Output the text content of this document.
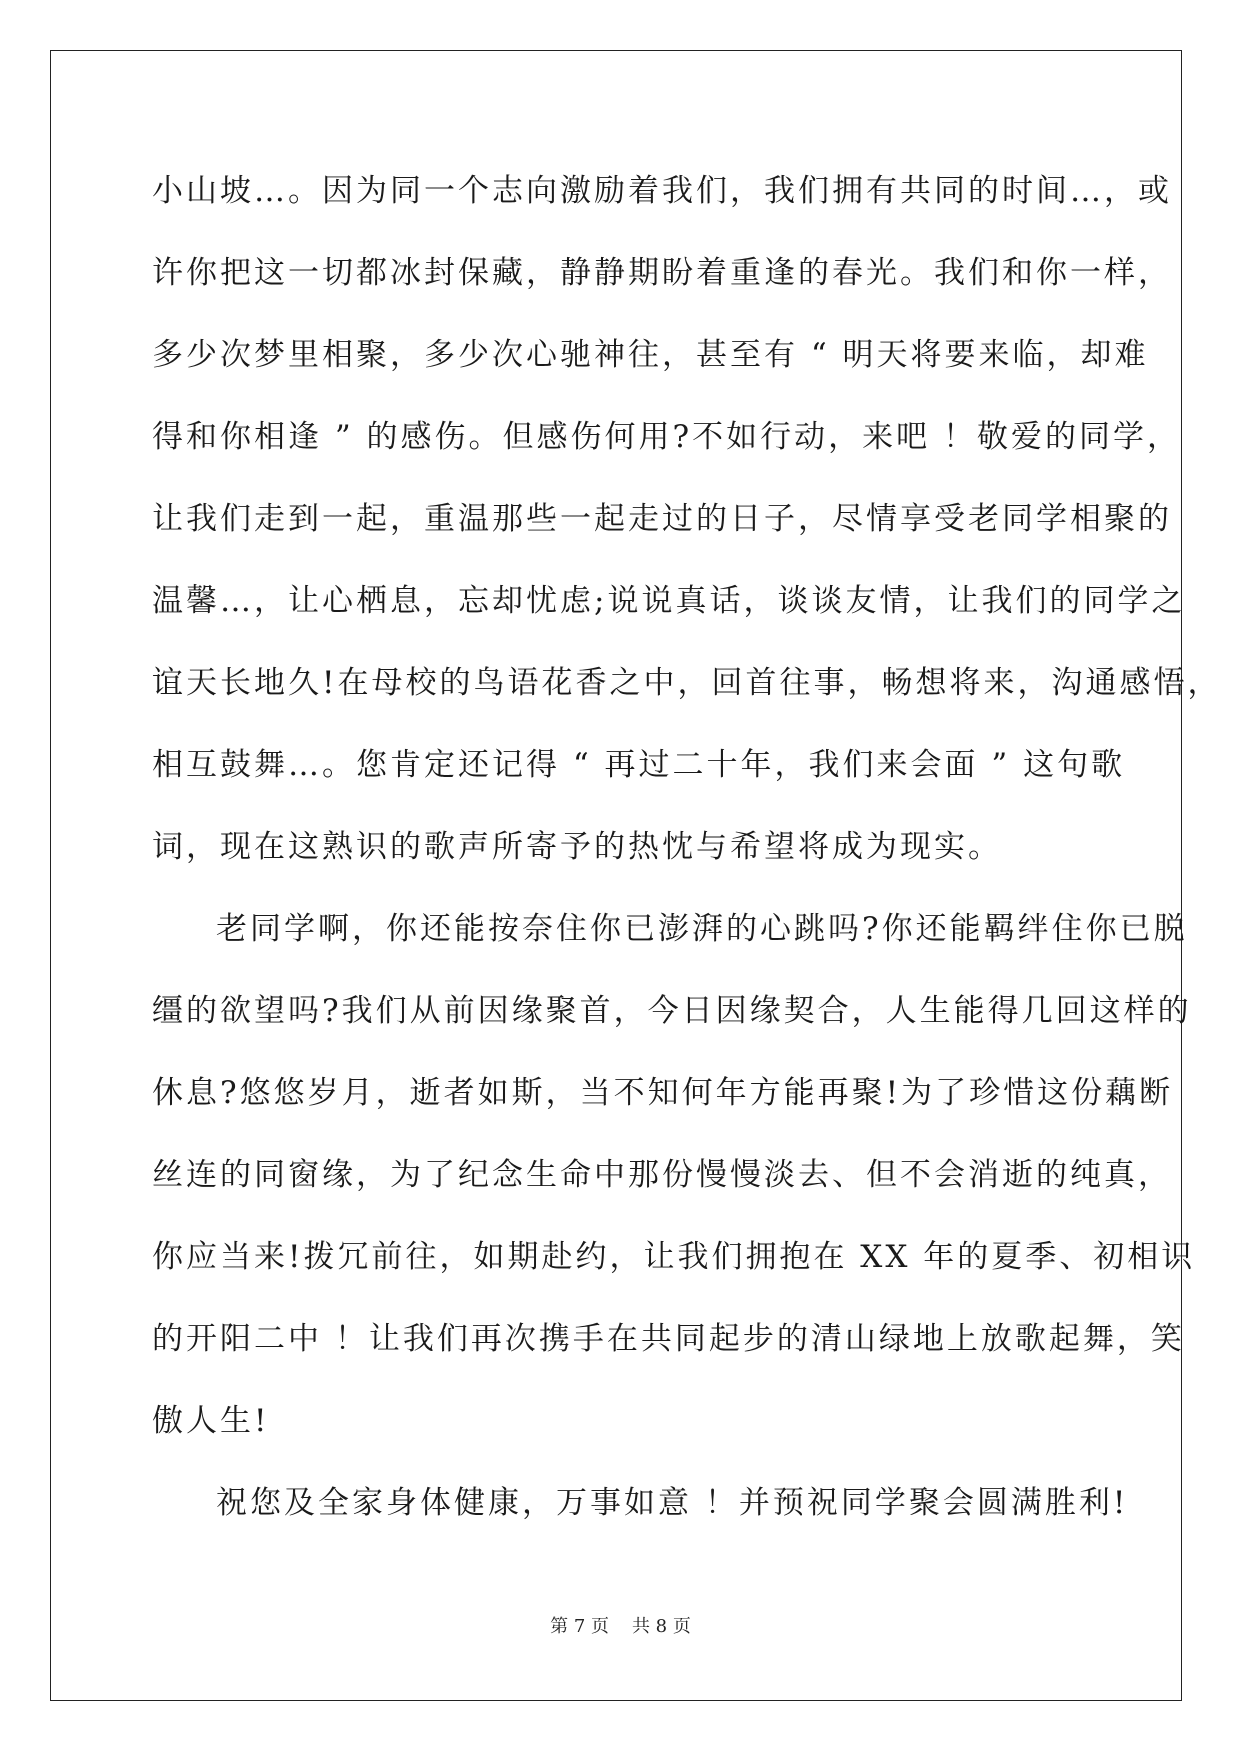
小山坡…。因为同一个志向激励着我们，我们拥有共同的时间…，或
许你把这一切都冰封保藏，静静期盼着重逢的春光。我们和你一样，
多少次梦里相聚，多少次心驰神往，甚至有 “ 明天将要来临，却难
得和你相逢 ” 的感伤。但感伤何用?不如行动，来吧 ！敬爱的同学，
让我们走到一起，重温那些一起走过的日子，尽情享受老同学相聚的
温馨…，让心栖息，忘却忧虑;说说真话，谈谈友情，让我们的同学之
谊天长地久!在母校的鸟语花香之中，回首往事，畅想将来，沟通感悟，
相互鼓舞…。您肯定还记得 “ 再过二十年，我们来会面 ” 这句歌
词，现在这熟识的歌声所寄予的热忱与希望将成为现实。
老同学啊，你还能按奈住你已澎湃的心跳吗?你还能羁绊住你已脱
缰的欲望吗?我们从前因缘聚首，今日因缘契合，人生能得几回这样的
休息?悠悠岁月，逝者如斯，当不知何年方能再聚!为了珍惜这份藕断
丝连的同窗缘，为了纪念生命中那份慢慢淡去、但不会消逝的纯真，
你应当来!拨冗前往，如期赴约，让我们拥抱在 XX 年的夏季、初相识
的开阳二中 ！让我们再次携手在共同起步的清山绿地上放歌起舞，笑
傲人生!
祝您及全家身体健康，万事如意 ！并预祝同学聚会圆满胜利!
第 7 页    共 8 页
